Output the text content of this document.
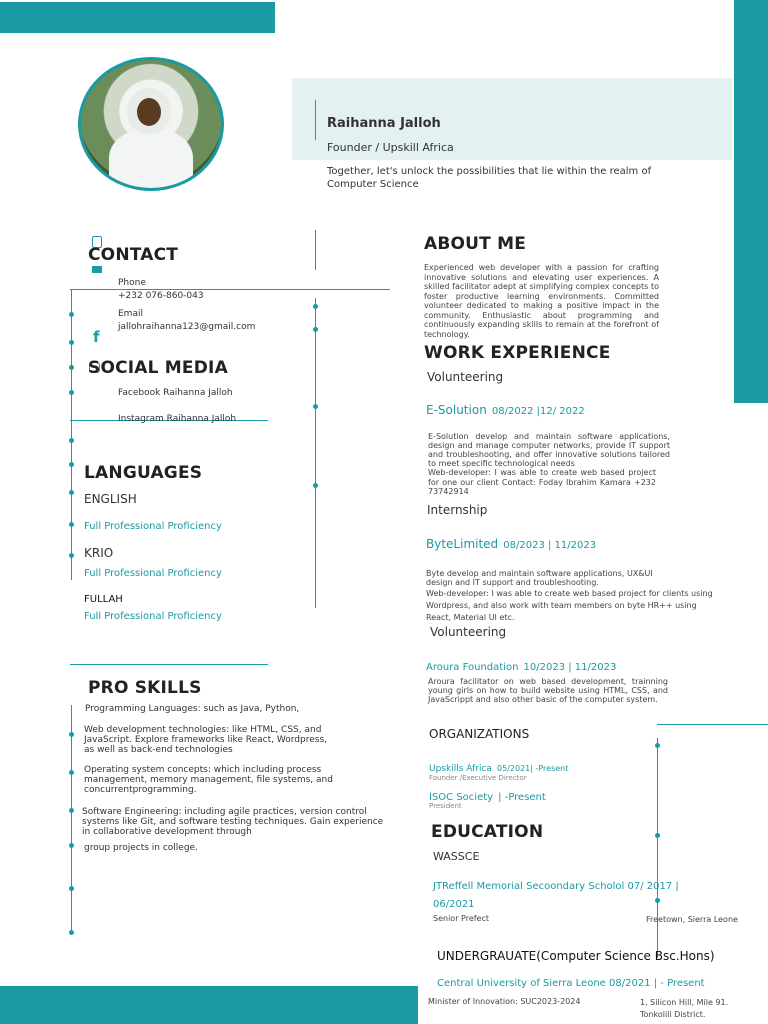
Raihanna Jalloh
Founder / Upskill Africa
Together, let's unlock the possibilities that lie within the realm of Computer Science
CONTACT
Phone
+232 076-860-043
Email
jallohraihanna123@gmail.com
f
SOCIAL MEDIA
Facebook Raihanna Jalloh
Instagram Raihanna Jalloh
LANGUAGES
ENGLISH
Full Professional Proficiency
KRIO
Full Professional Proficiency
FULLAH
Full Professional Proficiency
PRO SKILLS
Programming Languages: such as Java, Python,
Web development technologies: like HTML, CSS, and JavaScript. Explore frameworks like React, Wordpress, as well as back-end technologies
Operating system concepts: which including process management, memory management, file systems, and concurrentprogramming.
Software Engineering: including agile practices, version control systems like Git, and software testing techniques. Gain experience in collaborative development through
group projects in college.
ABOUT ME
Experienced web developer with a passion for crafting innovative solutions and elevating user experiences. A skilled facilitator adept at simplifying complex concepts to foster productive learning environments. Committed volunteer dedicated to making a positive impact in the community. Enthusiastic about programming and continuously expanding skills to remain at the forefront of technology.
WORK EXPERIENCE
Volunteering
E-Solution 08/2022 |12/ 2022
E-Solution develop and maintain software applications, design and manage computer networks, provide IT support and troubleshooting, and offer innovative solutions tailored to meet specific technological needs
Web-developer: I was able to create web based project for one our client Contact: Foday Ibrahim Kamara +232 73742914
Internship
ByteLimited 08/2023 | 11/2023
Byte develop and maintain software applications, UX&UI design and IT support and troubleshooting.
Web-developer: I was able to create web based project for clients using Wordpress, and also work with team members on byte HR++ using React, Material UI etc.
Volunteering
Aroura Foundation 10/2023 | 11/2023
Aroura facilitator on web based development, trainning young girls on how to build website using HTML, CSS, and JavaScrippt and also other basic of the computer system.
ORGANIZATIONS
Upskills Africa 05/2021| -Present
Founder /Executive Director
ISOC Society | -Present
President
EDUCATION
WASSCE
JTReffell Memorial Secoondary Scholol 07/ 2017 | 06/2021
Senior Prefect	Freetown, Sierra Leone
UNDERGRAUATE(Computer Science Bsc.Hons)
Central University of Sierra Leone 08/2021 | - Present
Minister of Innovation: SUC2023-2024	1, Silicon Hill, Mile 91. Tonkolili District.
